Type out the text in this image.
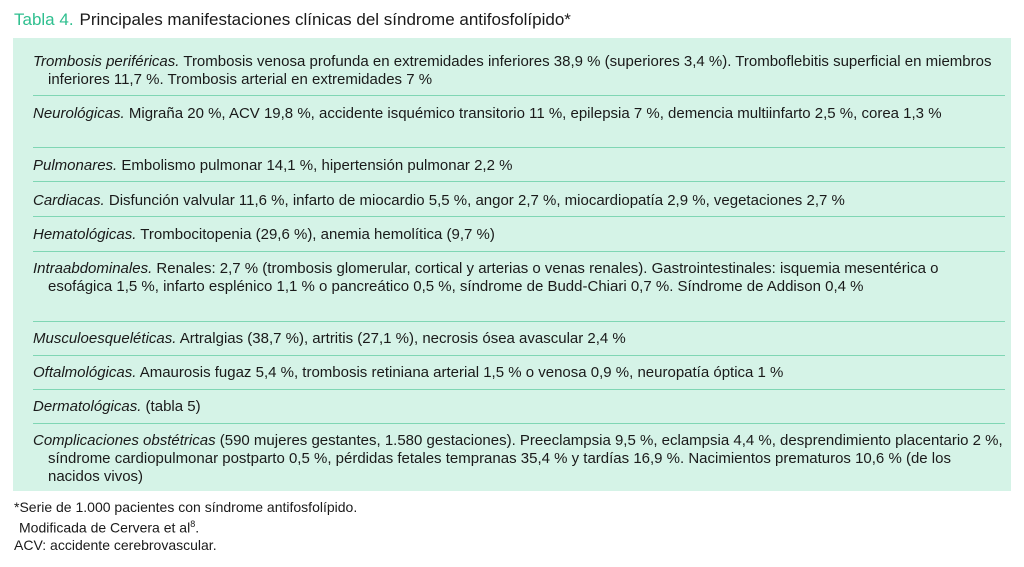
Tabla 4. Principales manifestaciones clínicas del síndrome antifosfolípido*
Trombosis periféricas. Trombosis venosa profunda en extremidades inferiores 38,9 % (superiores 3,4 %). Tromboflebitis superficial en miembros inferiores 11,7 %. Trombosis arterial en extremidades 7 %
Neurológicas. Migraña 20 %, ACV 19,8 %, accidente isquémico transitorio 11 %, epilepsia 7 %, demencia multiinfarto 2,5 %, corea 1,3 %
Pulmonares. Embolismo pulmonar 14,1 %, hipertensión pulmonar 2,2 %
Cardiacas. Disfunción valvular 11,6 %, infarto de miocardio 5,5 %, angor 2,7 %, miocardiopatía 2,9 %, vegetaciones 2,7 %
Hematológicas. Trombocitopenia (29,6 %), anemia hemolítica (9,7 %)
Intraabdominales. Renales: 2,7 % (trombosis glomerular, cortical y arterias o venas renales). Gastrointestinales: isquemia mesentérica o esofágica 1,5 %, infarto esplénico 1,1 % o pancreático 0,5 %, síndrome de Budd-Chiari 0,7 %. Síndrome de Addison 0,4 %
Musculoesqueléticas. Artralgias (38,7 %), artritis (27,1 %), necrosis ósea avascular 2,4 %
Oftalmológicas. Amaurosis fugaz 5,4 %, trombosis retiniana arterial 1,5 % o venosa 0,9 %, neuropatía óptica 1 %
Dermatológicas. (tabla 5)
Complicaciones obstétricas (590 mujeres gestantes, 1.580 gestaciones). Preeclampsia 9,5 %, eclampsia 4,4 %, desprendimiento placentario 2 %, síndrome cardiopulmonar postparto 0,5 %, pérdidas fetales tempranas 35,4 % y tardías 16,9 %. Nacimientos prematuros 10,6 % (de los nacidos vivos)
*Serie de 1.000 pacientes con síndrome antifosfolípido.
Modificada de Cervera et $al^8$.
ACV: accidente cerebrovascular.
